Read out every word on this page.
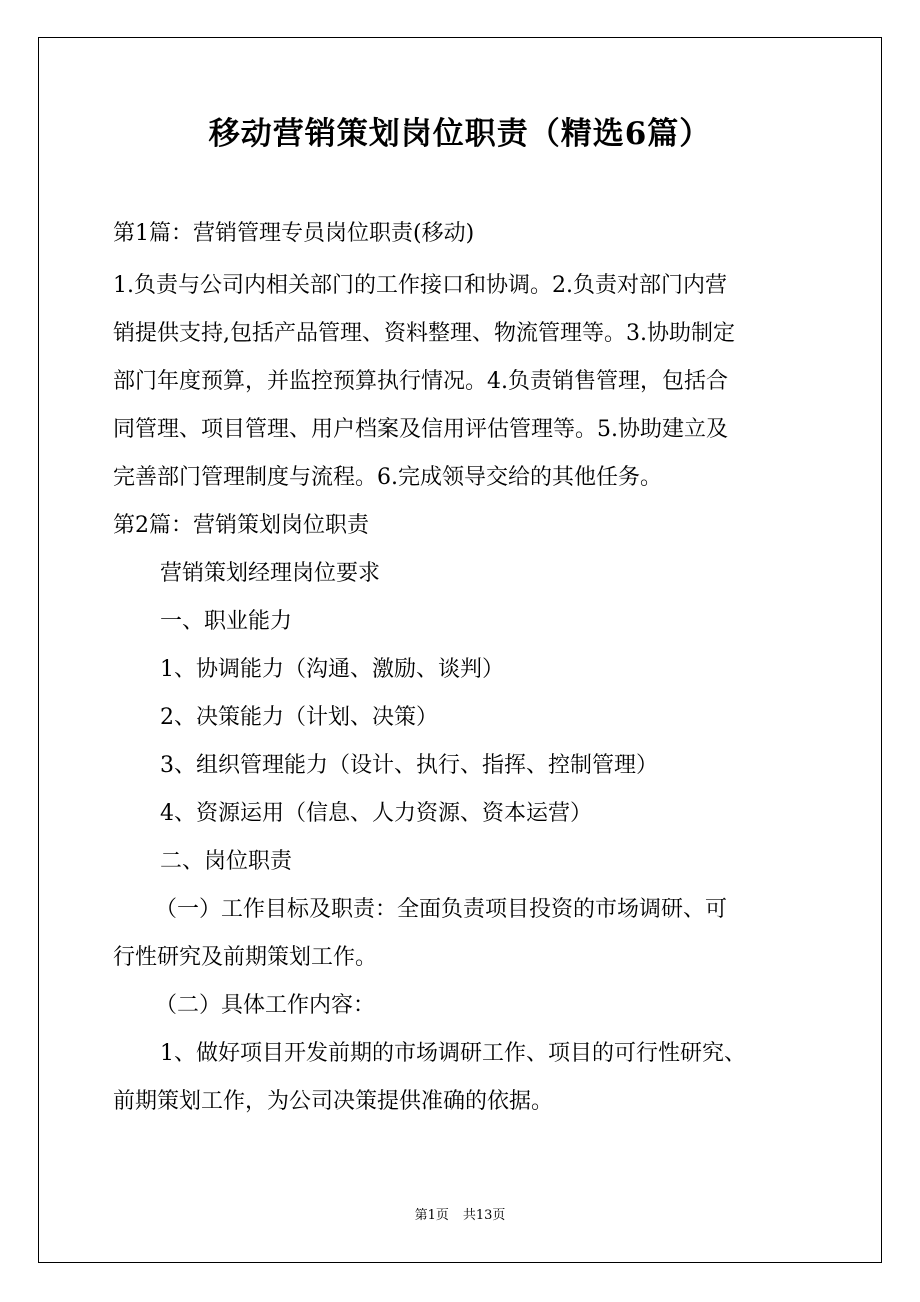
移动营销策划岗位职责（精选6篇）
第1篇：营销管理专员岗位职责(移动)
1.负责与公司内相关部门的工作接口和协调。2.负责对部门内营
销提供支持,包括产品管理、资料整理、物流管理等。3.协助制定
部门年度预算，并监控预算执行情况。4.负责销售管理，包括合
同管理、项目管理、用户档案及信用评估管理等。5.协助建立及
完善部门管理制度与流程。6.完成领导交给的其他任务。
第2篇：营销策划岗位职责
营销策划经理岗位要求
一、职业能力
1、协调能力（沟通、激励、谈判）
2、决策能力（计划、决策）
3、组织管理能力（设计、执行、指挥、控制管理）
4、资源运用（信息、人力资源、资本运营）
二、岗位职责
（一）工作目标及职责：全面负责项目投资的市场调研、可
行性研究及前期策划工作。
（二）具体工作内容：
1、做好项目开发前期的市场调研工作、项目的可行性研究、
前期策划工作，为公司决策提供准确的依据。
第1页 共13页
